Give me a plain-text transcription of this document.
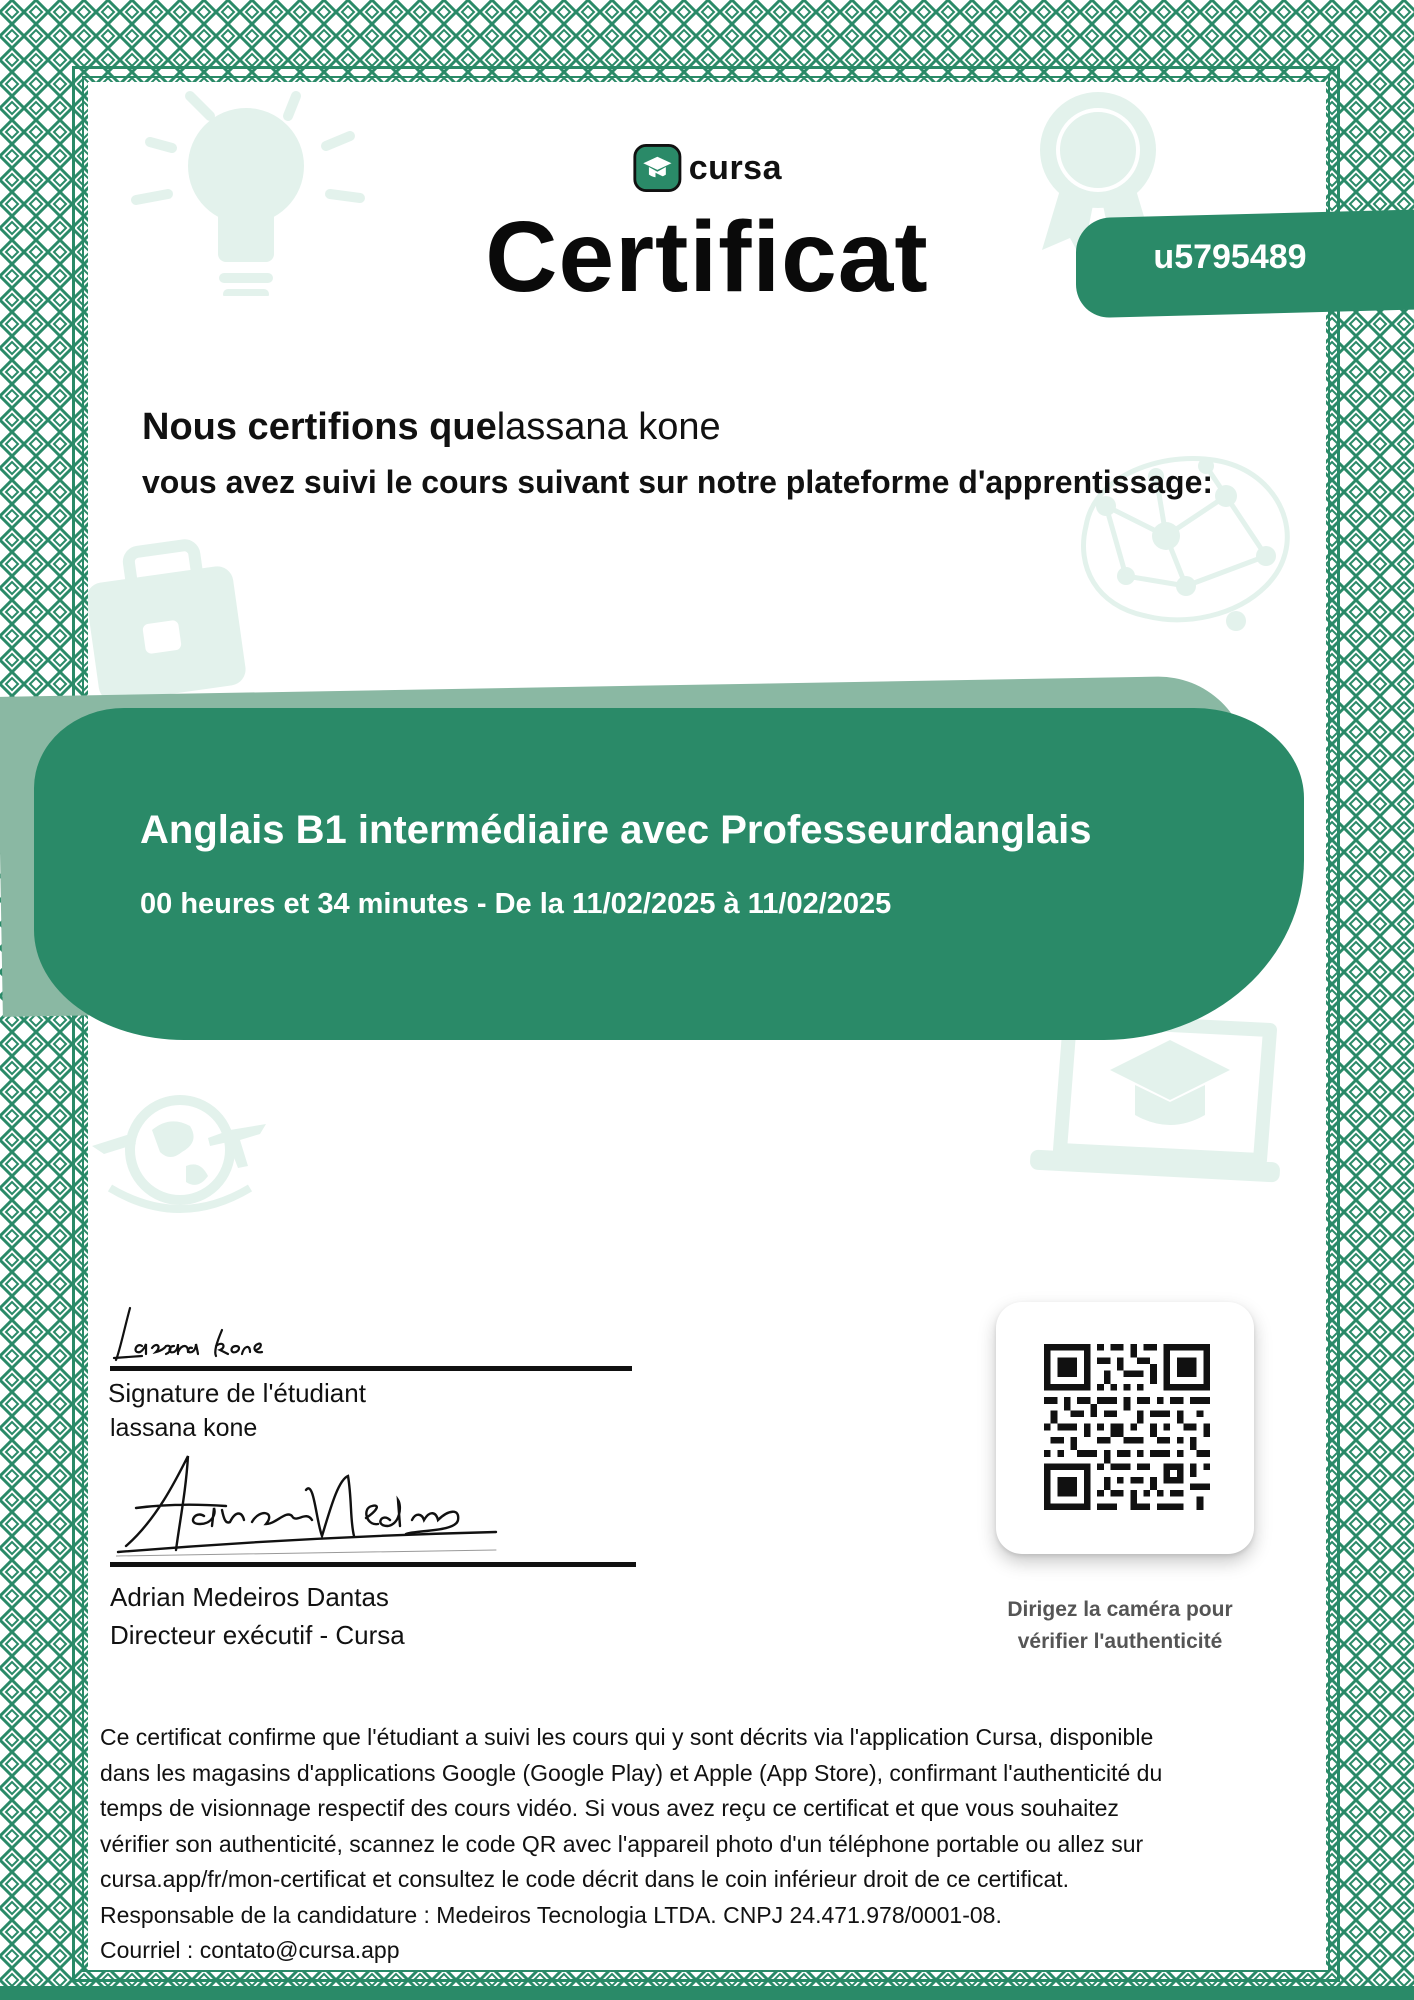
cursa
Certificat	u5795489
Nous certifions quelassana kone
vous avez suivi le cours suivant sur notre plateforme d'apprentissage:
Anglais B1 intermédiaire avec Professeurdanglais
00 heures et 34 minutes - De la 11/02/2025 à 11/02/2025
Signature de l'étudiant
lassana kone
Adrian Medeiros Dantas
Directeur exécutif - Cursa
Dirigez la caméra pour
vérifier l'authenticité
Ce certificat confirme que l'étudiant a suivi les cours qui y sont décrits via l'application Cursa, disponible
dans les magasins d'applications Google (Google Play) et Apple (App Store), confirmant l'authenticité du
temps de visionnage respectif des cours vidéo. Si vous avez reçu ce certificat et que vous souhaitez
vérifier son authenticité, scannez le code QR avec l'appareil photo d'un téléphone portable ou allez sur
cursa.app/fr/mon-certificat et consultez le code décrit dans le coin inférieur droit de ce certificat.
Responsable de la candidature : Medeiros Tecnologia LTDA. CNPJ 24.471.978/0001-08.
Courriel : contato@cursa.app
